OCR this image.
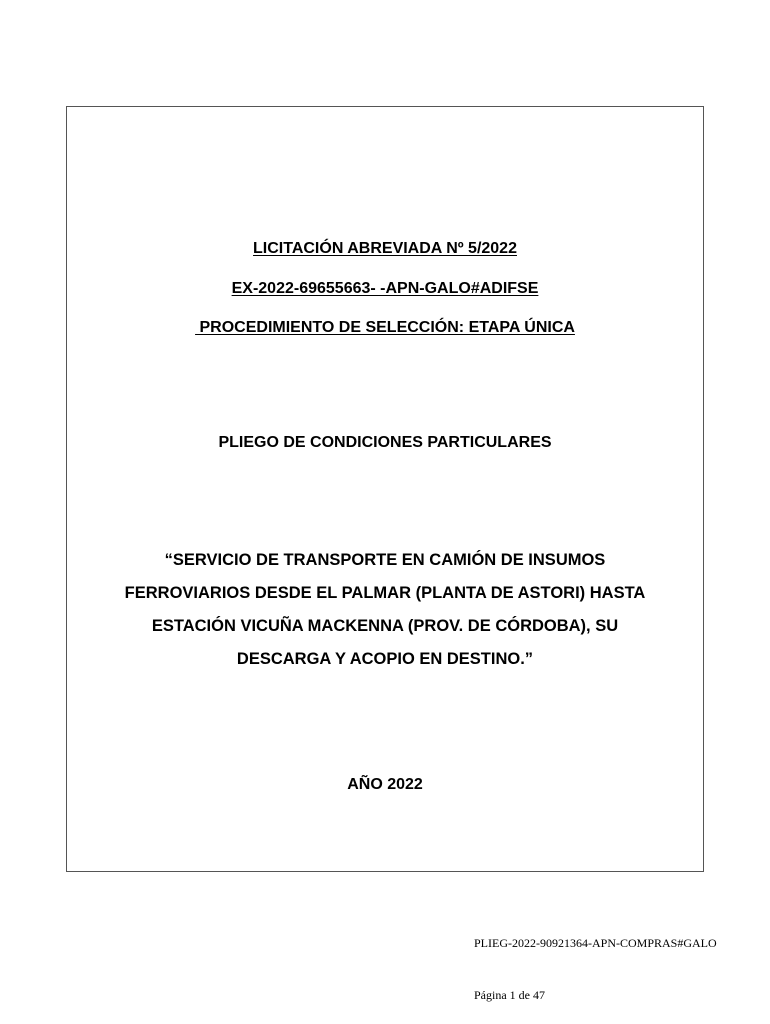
LICITACIÓN ABREVIADA Nº 5/2022
EX-2022-69655663- -APN-GALO#ADIFSE
PROCEDIMIENTO DE SELECCIÓN: ETAPA ÚNICA
PLIEGO DE CONDICIONES PARTICULARES
“SERVICIO DE TRANSPORTE EN CAMIÓN DE INSUMOS
FERROVIARIOS DESDE EL PALMAR (PLANTA DE ASTORI) HASTA
ESTACIÓN VICUÑA MACKENNA (PROV. DE CÓRDOBA), SU
DESCARGA Y ACOPIO EN DESTINO.”
AÑO 2022
PLIEG-2022-90921364-APN-COMPRAS#GALO
Página 1 de 47
